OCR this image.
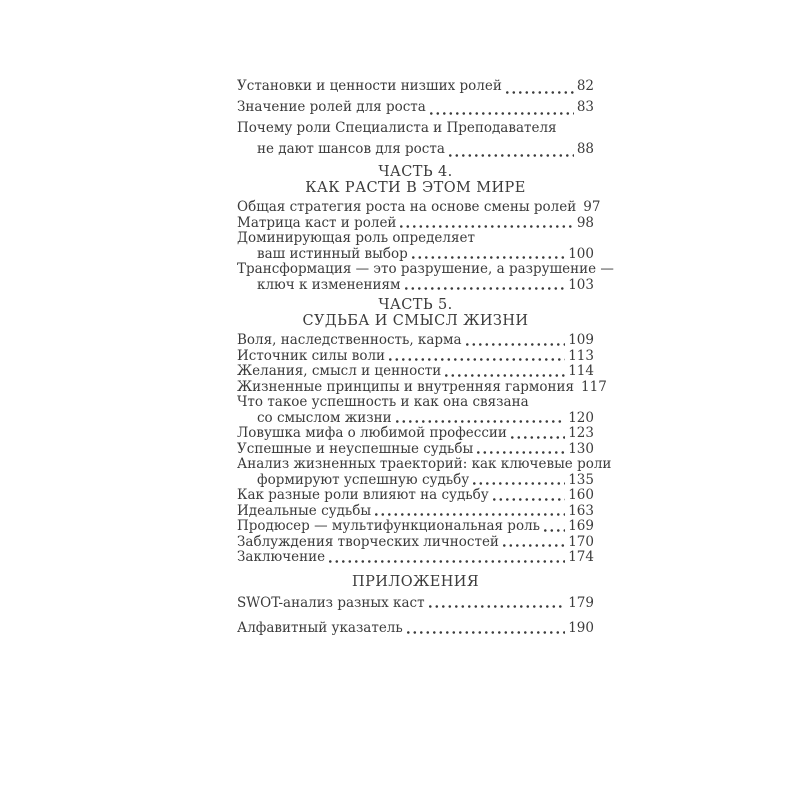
Установки и ценности низших ролей	82
Значение ролей для роста	83
Почему роли Специалиста и Преподавателя
не дают шансов для роста	88
ЧАСТЬ 4.
КАК РАСТИ В ЭТОМ МИРЕ
Общая стратегия роста на основе смены ролей 97
Матрица каст и ролей	98
Доминирующая роль определяет
ваш истинный выбор	100
Трансформация — это разрушение, а разрушение —
ключ к изменениям	103
ЧАСТЬ 5.
СУДЬБА И СМЫСЛ ЖИЗНИ
Воля, наследственность, карма	109
Источник силы воли	113
Желания, смысл и ценности	114
Жизненные принципы и внутренняя гармония 117
Что такое успешность и как она связана
со смыслом жизни	120
Ловушка мифа о любимой профессии	123
Успешные и неуспешные судьбы	130
Анализ жизненных траекторий: как ключевые роли
формируют успешную судьбу	135
Как разные роли влияют на судьбу	160
Идеальные судьбы	163
Продюсер — мультифункциональная роль 169
Заблуждения творческих личностей	170
Заключение	174
ПРИЛОЖЕНИЯ
SWOT-анализ разных каст	179
Алфавитный указатель	190
